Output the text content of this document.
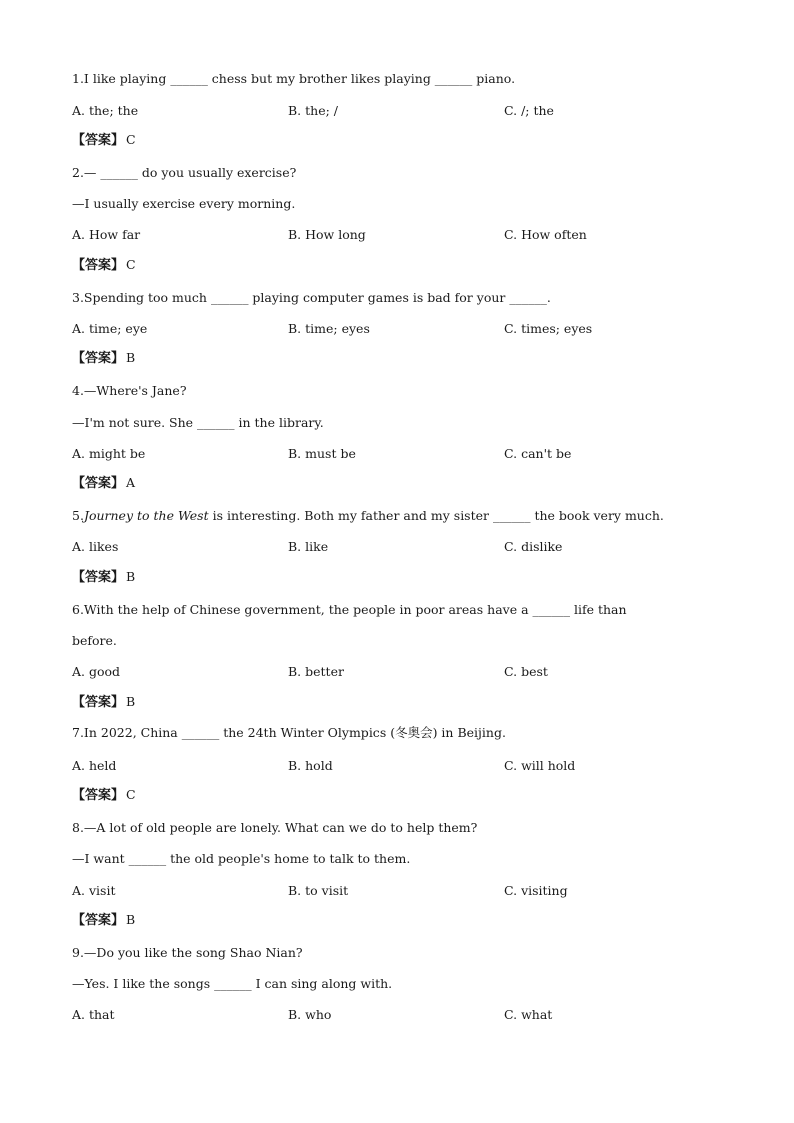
1.I like playing ______ chess but my brother likes playing ______ piano.
A. the; the	B. the; /	C. /; the
【答案】 C
2.— ______ do you usually exercise?
—I usually exercise every morning.
A. How far	B. How long	C. How often
【答案】 C
3.Spending too much ______ playing computer games is bad for your ______.
A. time; eye	B. time; eyes	C. times; eyes
【答案】 B
4.—Where's Jane?
—I'm not sure. She ______ in the library.
A. might be	B. must be	C. can't be
【答案】 A
5.Journey to the West is interesting. Both my father and my sister ______ the book very much.
A. likes	B. like	C. dislike
【答案】 B
6.With the help of Chinese government, the people in poor areas have a ______ life than
before.
A. good	B. better	C. best
【答案】 B
7.In 2022, China ______ the 24th Winter Olympics (冬奥会) in Beijing.
A. held	B. hold	C. will hold
【答案】 C
8.—A lot of old people are lonely. What can we do to help them?
—I want ______ the old people's home to talk to them.
A. visit	B. to visit	C. visiting
【答案】 B
9.—Do you like the song Shao Nian?
—Yes. I like the songs ______ I can sing along with.
A. that	B. who	C. what
